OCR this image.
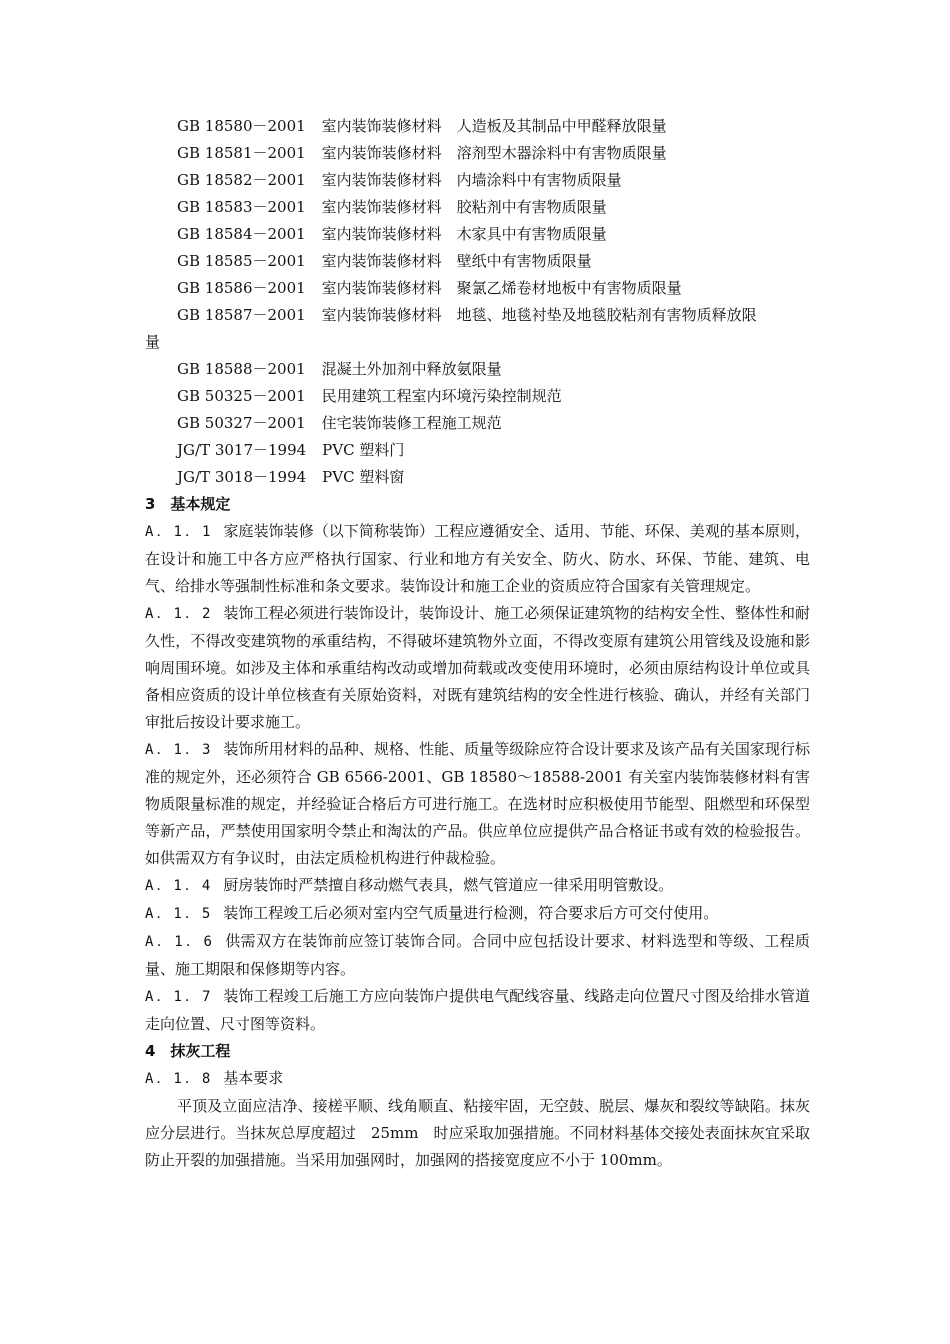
GB 18580－2001 室内装饰装修材料　人造板及其制品中甲醛释放限量
GB 18581－2001 室内装饰装修材料　溶剂型木器涂料中有害物质限量
GB 18582－2001 室内装饰装修材料　内墙涂料中有害物质限量
GB 18583－2001 室内装饰装修材料　胶粘剂中有害物质限量
GB 18584－2001 室内装饰装修材料　木家具中有害物质限量
GB 18585－2001 室内装饰装修材料　壁纸中有害物质限量
GB 18586－2001 室内装饰装修材料　聚氯乙烯卷材地板中有害物质限量
GB 18587－2001 室内装饰装修材料　地毯、地毯衬垫及地毯胶粘剂有害物质释放限
量
GB 18588－2001 混凝土外加剂中释放氨限量
GB 50325－2001 民用建筑工程室内环境污染控制规范
GB 50327－2001 住宅装饰装修工程施工规范
JG/T 3017－1994 PVC 塑料门
JG/T 3018－1994 PVC 塑料窗
3　基本规定
A．1．1 家庭装饰装修（以下简称装饰）工程应遵循安全、适用、节能、环保、美观的基本原则，在设计和施工中各方应严格执行国家、行业和地方有关安全、防火、防水、环保、节能、建筑、电气、给排水等强制性标准和条文要求。装饰设计和施工企业的资质应符合国家有关管理规定。
A．1．2 装饰工程必须进行装饰设计，装饰设计、施工必须保证建筑物的结构安全性、整体性和耐久性，不得改变建筑物的承重结构，不得破坏建筑物外立面，不得改变原有建筑公用管线及设施和影响周围环境。如涉及主体和承重结构改动或增加荷载或改变使用环境时，必须由原结构设计单位或具备相应资质的设计单位核查有关原始资料，对既有建筑结构的安全性进行核验、确认，并经有关部门审批后按设计要求施工。
A．1．3 装饰所用材料的品种、规格、性能、质量等级除应符合设计要求及该产品有关国家现行标准的规定外，还必须符合 GB 6566-2001、GB 18580～18588-2001 有关室内装饰装修材料有害物质限量标准的规定，并经验证合格后方可进行施工。在选材时应积极使用节能型、阻燃型和环保型等新产品，严禁使用国家明令禁止和淘汰的产品。供应单位应提供产品合格证书或有效的检验报告。如供需双方有争议时，由法定质检机构进行仲裁检验。
A．1．4 厨房装饰时严禁擅自移动燃气表具，燃气管道应一律采用明管敷设。
A．1．5 装饰工程竣工后必须对室内空气质量进行检测，符合要求后方可交付使用。
A．1．6 供需双方在装饰前应签订装饰合同。合同中应包括设计要求、材料选型和等级、工程质量、施工期限和保修期等内容。
A．1．7 装饰工程竣工后施工方应向装饰户提供电气配线容量、线路走向位置尺寸图及给排水管道走向位置、尺寸图等资料。
4　抹灰工程
A．1．8 基本要求
平顶及立面应洁净、接槎平顺、线角顺直、粘接牢固，无空鼓、脱层、爆灰和裂纹等缺陷。抹灰应分层进行。当抹灰总厚度超过　25mm　时应采取加强措施。不同材料基体交接处表面抹灰宜采取防止开裂的加强措施。当采用加强网时，加强网的搭接宽度应不小于 100mm。
